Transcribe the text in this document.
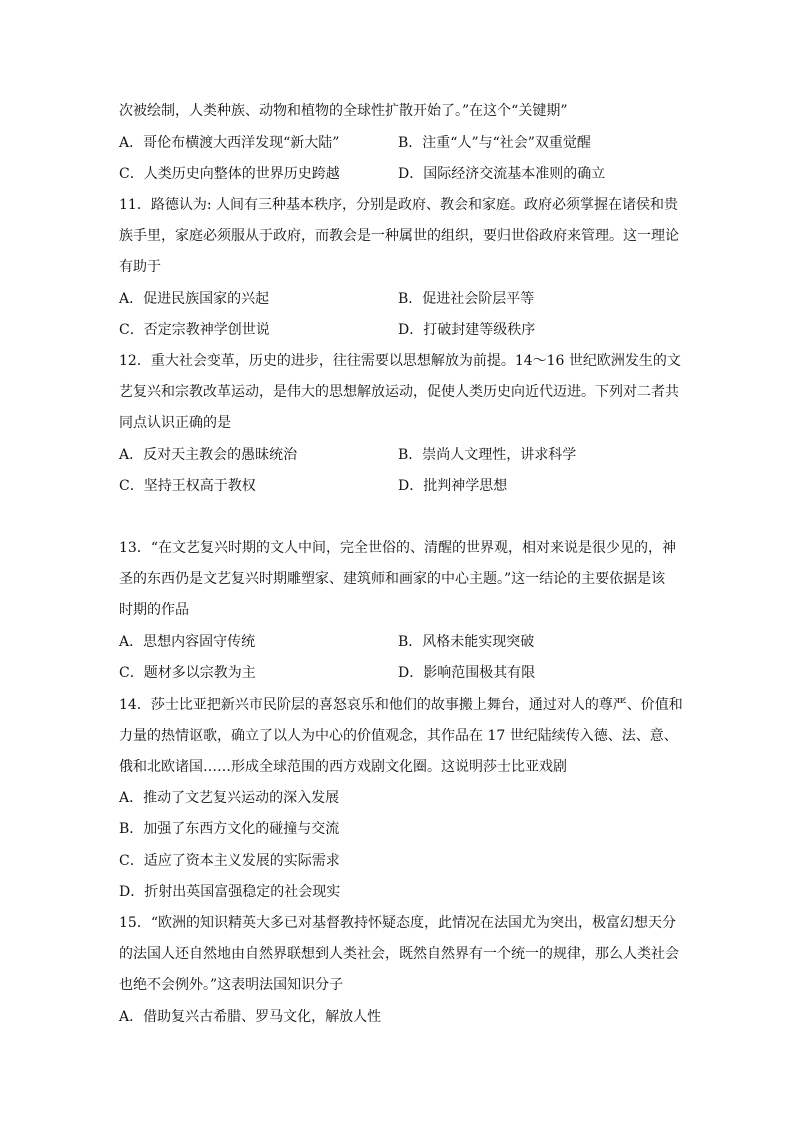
次被绘制，人类种族、动物和植物的全球性扩散开始了。”在这个“关键期”
A．哥伦布横渡大西洋发现“新大陆”	B．注重“人”与“社会”双重觉醒
C．人类历史向整体的世界历史跨越	D．国际经济交流基本准则的确立
11．路德认为: 人间有三种基本秩序，分别是政府、教会和家庭。政府必须掌握在诸侯和贵
族手里，家庭必须服从于政府，而教会是一种属世的组织，要归世俗政府来管理。这一理论
有助于
A．促进民族国家的兴起	B．促进社会阶层平等
C．否定宗教神学创世说	D．打破封建等级秩序
12．重大社会变革，历史的进步，往往需要以思想解放为前提。14～16 世纪欧洲发生的文
艺复兴和宗教改革运动，是伟大的思想解放运动，促使人类历史向近代迈进。下列对二者共
同点认识正确的是
A．反对天主教会的愚昧统治	B．崇尚人文理性，讲求科学
C．坚持王权高于教权	D．批判神学思想
13．“在文艺复兴时期的文人中间，完全世俗的、清醒的世界观，相对来说是很少见的，神
圣的东西仍是文艺复兴时期雕塑家、建筑师和画家的中心主题。”这一结论的主要依据是该
时期的作品
A．思想内容固守传统	B．风格未能实现突破
C．题材多以宗教为主	D．影响范围极其有限
14．莎士比亚把新兴市民阶层的喜怒哀乐和他们的故事搬上舞台，通过对人的尊严、价值和
力量的热情讴歌，确立了以人为中心的价值观念，其作品在 17 世纪陆续传入德、法、意、
俄和北欧诸国……形成全球范围的西方戏剧文化圈。这说明莎士比亚戏剧
A．推动了文艺复兴运动的深入发展
B．加强了东西方文化的碰撞与交流
C．适应了资本主义发展的实际需求
D．折射出英国富强稳定的社会现实
15．“欧洲的知识精英大多已对基督教持怀疑态度，此情况在法国尤为突出，极富幻想天分
的法国人还自然地由自然界联想到人类社会，既然自然界有一个统一的规律，那么人类社会
也绝不会例外。”这表明法国知识分子
A．借助复兴古希腊、罗马文化，解放人性
